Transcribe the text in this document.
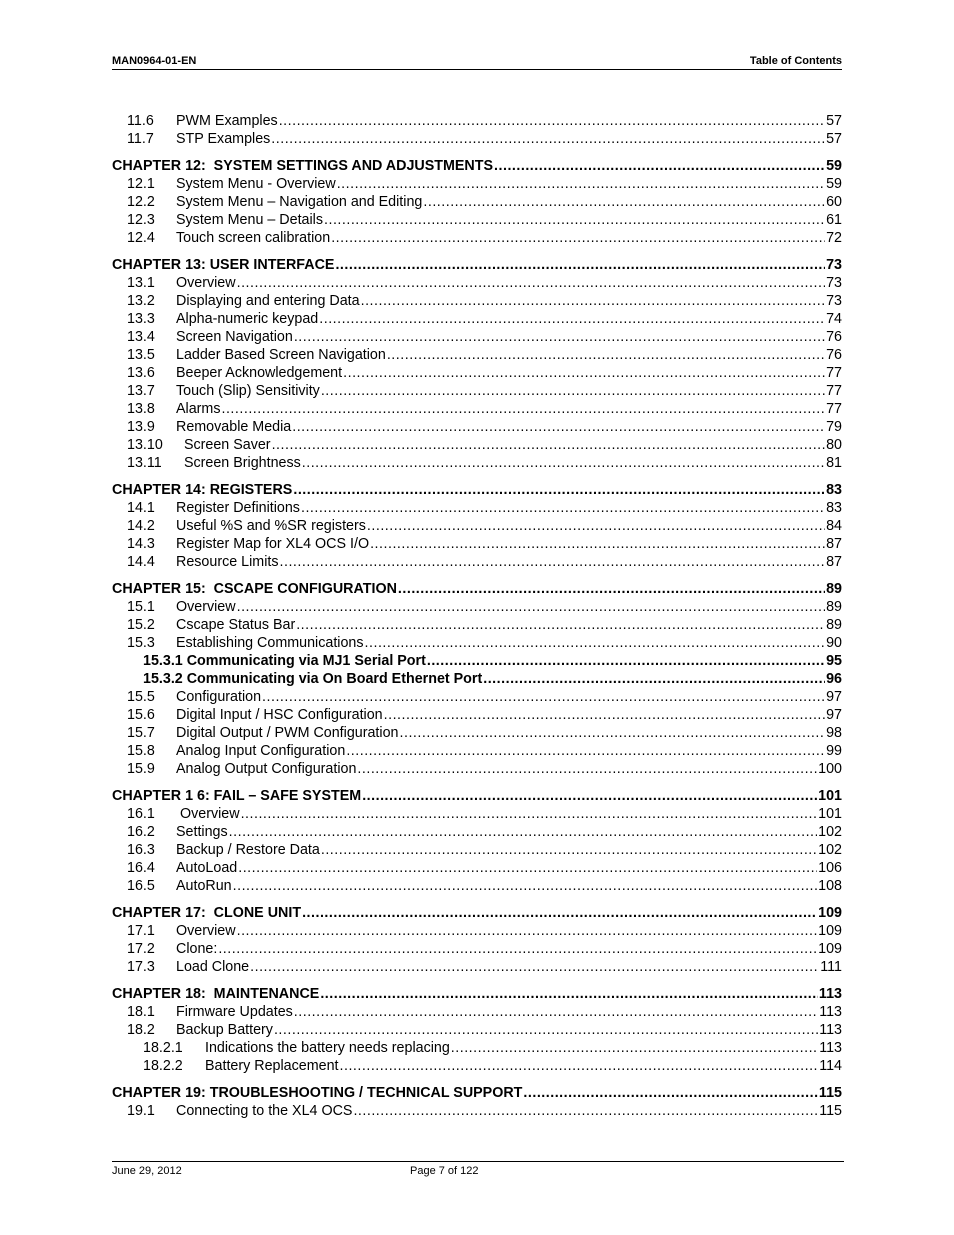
MAN0964-01-EN	Table of Contents
11.6	PWM Examples .....	57
11.7	STP Examples .....	57
CHAPTER 12:  SYSTEM SETTINGS AND ADJUSTMENTS .....	59
12.1	System Menu - Overview .....	59
12.2	System Menu – Navigation and Editing .....	60
12.3	System Menu – Details .....	61
12.4	Touch screen calibration .....	72
CHAPTER 13: USER INTERFACE .....	73
13.1	Overview .....	73
13.2	Displaying and entering Data .....	73
13.3	Alpha-numeric keypad .....	74
13.4	Screen Navigation .....	76
13.5	Ladder Based Screen Navigation .....	76
13.6	Beeper Acknowledgement .....	77
13.7	Touch (Slip) Sensitivity .....	77
13.8	Alarms .....	77
13.9	Removable Media .....	79
13.10 Screen Saver .....	80
13.11 Screen Brightness .....	81
CHAPTER 14: REGISTERS .....	83
14.1	Register Definitions .....	83
14.2	Useful %S and %SR registers .....	84
14.3	Register Map for XL4 OCS I/O .....	87
14.4	Resource Limits .....	87
CHAPTER 15:  CSCAPE CONFIGURATION .....	89
15.1	Overview .....	89
15.2	Cscape Status Bar .....	89
15.3	Establishing Communications .....	90
15.3.1 Communicating via MJ1 Serial Port .....	95
15.3.2 Communicating via On Board Ethernet Port .....	96
15.5	Configuration .....	97
15.6	Digital Input / HSC Configuration .....	97
15.7	Digital Output / PWM Configuration .....	98
15.8	Analog Input Configuration .....	99
15.9	Analog Output Configuration .....	100
CHAPTER 1 6: FAIL – SAFE SYSTEM .....	101
16.1	Overview .....	101
16.2	Settings .....	102
16.3	Backup / Restore Data .....	102
16.4	AutoLoad .....	106
16.5	AutoRun .....	108
CHAPTER 17:  CLONE UNIT .....	109
17.1	Overview .....	109
17.2	Clone: .....	109
17.3	Load Clone .....	111
CHAPTER 18:  MAINTENANCE .....	113
18.1	Firmware Updates .....	113
18.2	Backup Battery .....	113
18.2.1	Indications the battery needs replacing .....	113
18.2.2	Battery Replacement .....	114
CHAPTER 19: TROUBLESHOOTING / TECHNICAL SUPPORT .....	115
19.1	Connecting to the XL4 OCS .....	115
June 29, 2012	Page 7 of 122
